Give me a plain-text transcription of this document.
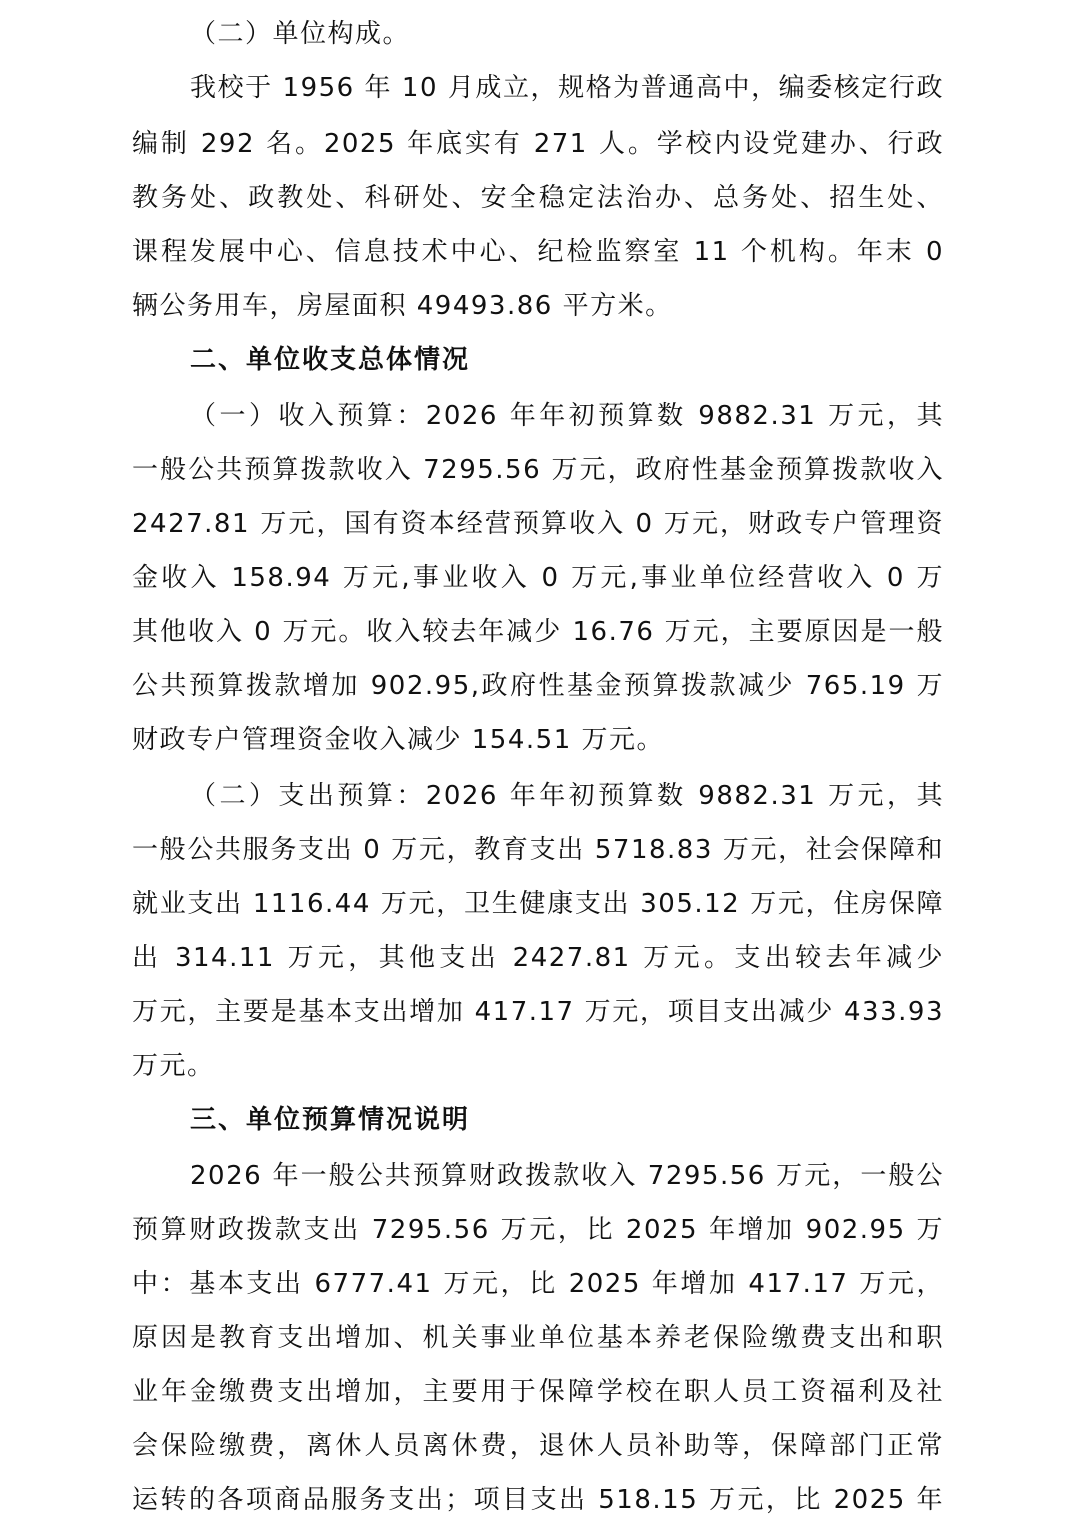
（二）单位构成。
我校于 1956 年 10 月成立，规格为普通高中，编委核定行政
编制 292 名。2025 年底实有 271 人。学校内设党建办、行政
教务处、政教处、科研处、安全稳定法治办、总务处、招生处、
课程发展中心、信息技术中心、纪检监察室 11 个机构。年末 0
辆公务用车，房屋面积 49493.86 平方米。
二、单位收支总体情况
（一）收入预算：2026 年年初预算数 9882.31 万元，其
一般公共预算拨款收入 7295.56 万元，政府性基金预算拨款收入
2427.81 万元，国有资本经营预算收入 0 万元，财政专户管理资
金收入 158.94 万元,事业收入 0 万元,事业单位经营收入 0 万
其他收入 0 万元。收入较去年减少 16.76 万元，主要原因是一般
公共预算拨款增加 902.95,政府性基金预算拨款减少 765.19 万
财政专户管理资金收入减少 154.51 万元。
（二）支出预算：2026 年年初预算数 9882.31 万元，其
一般公共服务支出 0 万元，教育支出 5718.83 万元，社会保障和
就业支出 1116.44 万元，卫生健康支出 305.12 万元，住房保障
出 314.11 万元，其他支出 2427.81 万元。支出较去年减少
万元，主要是基本支出增加 417.17 万元，项目支出减少 433.93
万元。
三、单位预算情况说明
2026 年一般公共预算财政拨款收入 7295.56 万元，一般公
预算财政拨款支出 7295.56 万元，比 2025 年增加 902.95 万
中：基本支出 6777.41 万元，比 2025 年增加 417.17 万元，
原因是教育支出增加、机关事业单位基本养老保险缴费支出和职
业年金缴费支出增加，主要用于保障学校在职人员工资福利及社
会保险缴费，离休人员离休费，退休人员补助等，保障部门正常
运转的各项商品服务支出；项目支出 518.15 万元，比 2025 年
